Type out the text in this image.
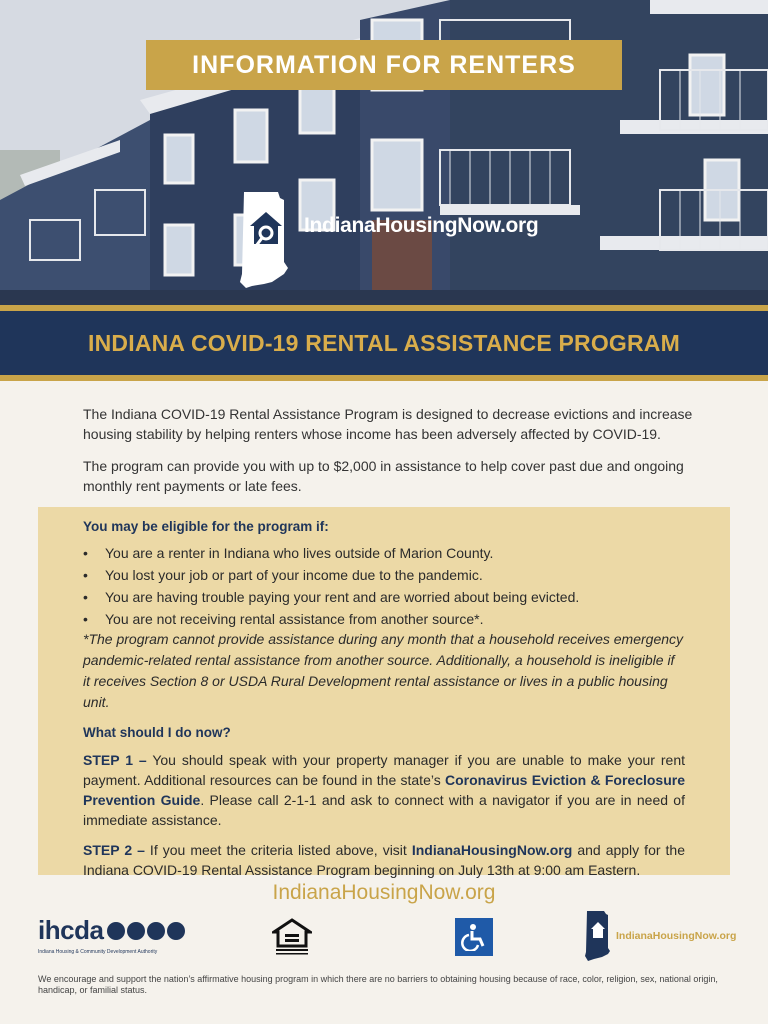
INFORMATION FOR RENTERS
IndianaHousingNow.org
INDIANA COVID-19 RENTAL ASSISTANCE PROGRAM

The Indiana COVID-19 Rental Assistance Program is designed to decrease evictions and increase housing stability by helping renters whose income has been adversely affected by COVID-19.

The program can provide you with up to $2,000 in assistance to help cover past due and ongoing monthly rent payments or late fees.

You may be eligible for the program if:
•	You are a renter in Indiana who lives outside of Marion County.
•	You lost your job or part of your income due to the pandemic.
•	You are having trouble paying your rent and are worried about being evicted.
•	You are not receiving rental assistance from another source*.

*The program cannot provide assistance during any month that a household receives emergency pandemic-related rental assistance from another source. Additionally, a household is ineligible if it receives Section 8 or USDA Rural Development rental assistance or lives in a public housing unit.

What should I do now?

STEP 1 – You should speak with your property manager if you are unable to make your rent payment. Additional resources can be found in the state’s Coronavirus Eviction & Foreclosure Prevention Guide. Please call 2-1-1 and ask to connect with a navigator if you are in need of immediate assistance.

STEP 2 – If you meet the criteria listed above, visit IndianaHousingNow.org and apply for the Indiana COVID-19 Rental Assistance Program beginning on July 13th at 9:00 am Eastern.

IndianaHousingNow.org
ihcda
Indiana Housing & Community Development Authority
IndianaHousingNow.org
We encourage and support the nation’s affirmative housing program in which there are no barriers to obtaining housing because of race, color, religion, sex, national origin, handicap, or familial status.
